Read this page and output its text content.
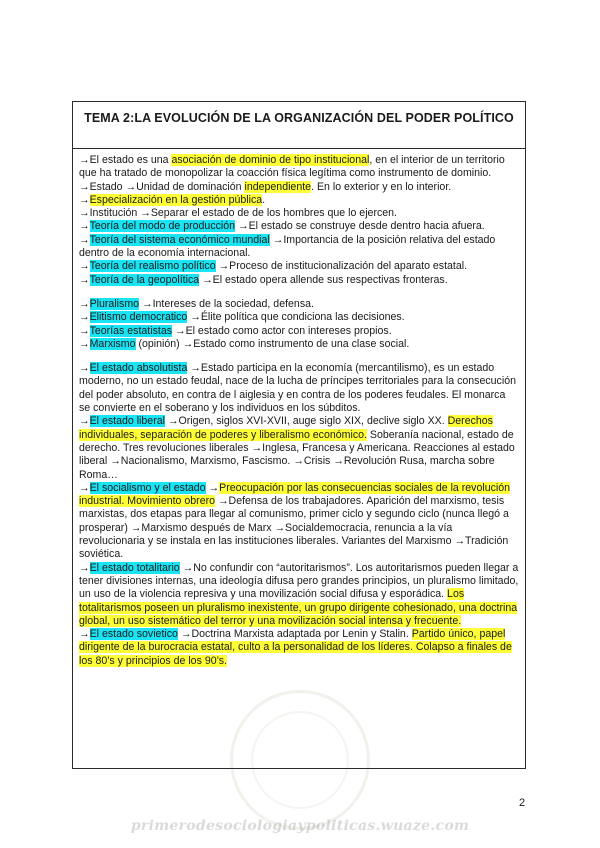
TEMA 2:LA EVOLUCIÓN DE LA ORGANIZACIÓN DEL PODER POLÍTICO

→El estado es una asociación de dominio de tipo institucional, en el interior de un territorio que ha tratado de monopolizar la coacción física legítima como instrumento de dominio.

→Estado →Unidad de dominación independiente. En lo exterior y en lo interior.

→Especialización en la gestión pública.

→Institución →Separar el estado de de los hombres que lo ejercen.

→Teoría del modo de producción →El estado se construye desde dentro hacia afuera.

→Teoría del sistema económico mundial →Importancia de la posición relativa del estado dentro de la economía internacional.

→Teoría del realismo político →Proceso de institucionalización del aparato estatal.

→Teoría de la geopolítica →El estado opera allende sus respectivas fronteras.

→Pluralismo →Intereses de la sociedad, defensa.

→Elitismo democratico →Élite política que condiciona las decisiones.

→Teorías estatistas →El estado como actor con intereses propios.

→Marxismo (opinión) →Estado como instrumento de una clase social.

→El estado absolutista →Estado participa en la economía (mercantilismo), es un estado moderno, no un estado feudal, nace de la lucha de príncipes territoriales para la consecución del poder absoluto, en contra de l aiglesia y en contra de los poderes feudales. El monarca se convierte en el soberano y los individuos en los súbditos.

→El estado liberal →Origen, siglos XVI-XVII, auge siglo XIX, declive siglo XX. Derechos individuales, separación de poderes y liberalismo económico. Soberanía nacional, estado de derecho. Tres revoluciones liberales →Inglesa, Francesa y Americana. Reacciones al estado liberal →Nacionalismo, Marxismo, Fascismo. →Crisis →Revolución Rusa, marcha sobre Roma…

→El socialismo y el estado →Preocupación por las consecuencias sociales de la revolución industrial. Movimiento obrero →Defensa de los trabajadores. Aparición del marxismo, tesis marxistas, dos etapas para llegar al comunismo, primer ciclo y segundo ciclo (nunca llegó a prosperar) →Marxismo después de Marx →Socialdemocracia, renuncia a la vía revolucionaria y se instala en las instituciones liberales. Variantes del Marxismo →Tradición soviética.

→El estado totalitario →No confundir con “autoritarismos”. Los autoritarismos pueden llegar a tener divisiones internas, una ideología difusa pero grandes principios, un pluralismo limitado, un uso de la violencia represiva y una movilización social difusa y esporádica. Los totalitarismos poseen un pluralismo inexistente, un grupo dirigente cohesionado, una doctrina global, un uso sistemático del terror y una movilización social intensa y frecuente.

→El estado sovietico →Doctrina Marxista adaptada por Lenin y Stalin. Partido único, papel dirigente de la burocracia estatal, culto a la personalidad de los líderes. Colapso a finales de los 80’s y principios de los 90’s.

2
primerodesociologiaypoliticas.wuaze.com
